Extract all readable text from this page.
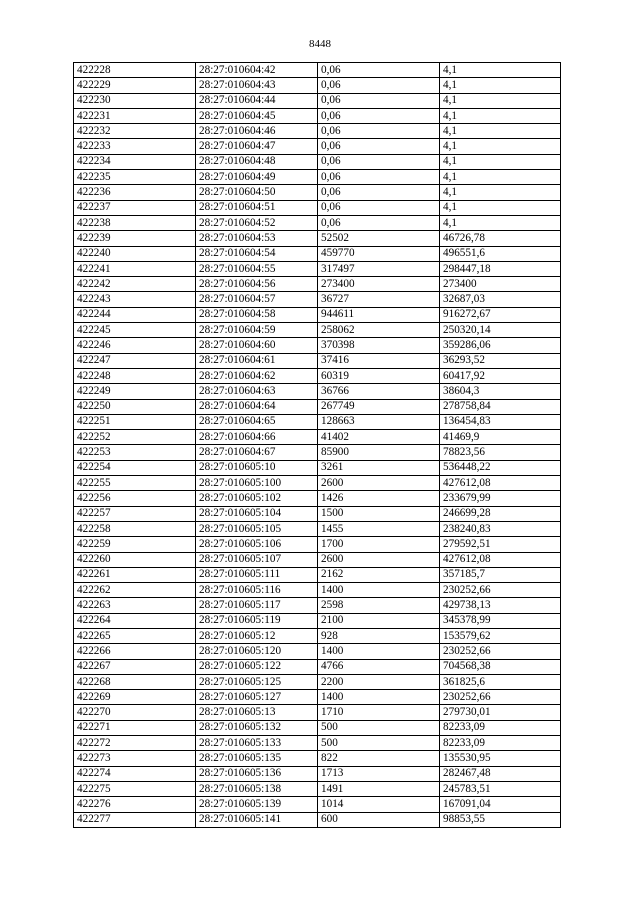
8448
422228	28:27:010604:42	0,06	4,1
422229	28:27:010604:43	0,06	4,1
422230	28:27:010604:44	0,06	4,1
422231	28:27:010604:45	0,06	4,1
422232	28:27:010604:46	0,06	4,1
422233	28:27:010604:47	0,06	4,1
422234	28:27:010604:48	0,06	4,1
422235	28:27:010604:49	0,06	4,1
422236	28:27:010604:50	0,06	4,1
422237	28:27:010604:51	0,06	4,1
422238	28:27:010604:52	0,06	4,1
422239	28:27:010604:53	52502	46726,78
422240	28:27:010604:54	459770	496551,6
422241	28:27:010604:55	317497	298447,18
422242	28:27:010604:56	273400	273400
422243	28:27:010604:57	36727	32687,03
422244	28:27:010604:58	944611	916272,67
422245	28:27:010604:59	258062	250320,14
422246	28:27:010604:60	370398	359286,06
422247	28:27:010604:61	37416	36293,52
422248	28:27:010604:62	60319	60417,92
422249	28:27:010604:63	36766	38604,3
422250	28:27:010604:64	267749	278758,84
422251	28:27:010604:65	128663	136454,83
422252	28:27:010604:66	41402	41469,9
422253	28:27:010604:67	85900	78823,56
422254	28:27:010605:10	3261	536448,22
422255	28:27:010605:100	2600	427612,08
422256	28:27:010605:102	1426	233679,99
422257	28:27:010605:104	1500	246699,28
422258	28:27:010605:105	1455	238240,83
422259	28:27:010605:106	1700	279592,51
422260	28:27:010605:107	2600	427612,08
422261	28:27:010605:111	2162	357185,7
422262	28:27:010605:116	1400	230252,66
422263	28:27:010605:117	2598	429738,13
422264	28:27:010605:119	2100	345378,99
422265	28:27:010605:12	928	153579,62
422266	28:27:010605:120	1400	230252,66
422267	28:27:010605:122	4766	704568,38
422268	28:27:010605:125	2200	361825,6
422269	28:27:010605:127	1400	230252,66
422270	28:27:010605:13	1710	279730,01
422271	28:27:010605:132	500	82233,09
422272	28:27:010605:133	500	82233,09
422273	28:27:010605:135	822	135530,95
422274	28:27:010605:136	1713	282467,48
422275	28:27:010605:138	1491	245783,51
422276	28:27:010605:139	1014	167091,04
422277	28:27:010605:141	600	98853,55
